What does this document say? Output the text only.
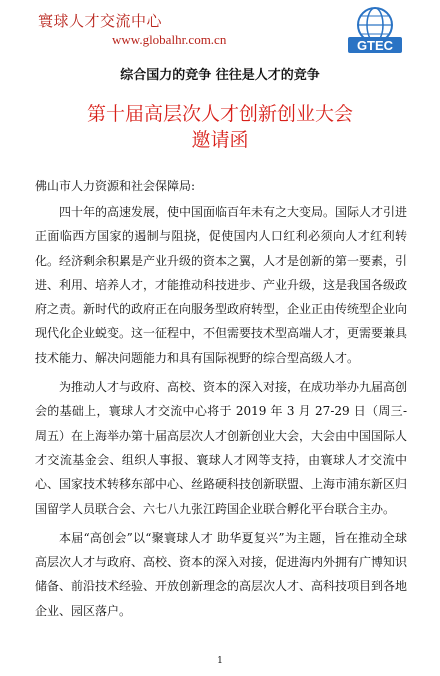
寰球人才交流中心
www.globalhr.com.cn	GTEC
综合国力的竞争 往往是人才的竞争
第十届高层次人才创新创业大会
邀请函
佛山市人力资源和社会保障局:

四十年的高速发展，使中国面临百年未有之大变局。国际人才引进正面临西方国家的遏制与阻挠，促使国内人口红利必须向人才红利转化。经济剩余积累是产业升级的资本之翼，人才是创新的第一要素，引进、利用、培养人才，才能推动科技进步、产业升级，这是我国各级政府之责。新时代的政府正在向服务型政府转型，企业正由传统型企业向现代化企业蜕变。这一征程中，不但需要技术型高端人才，更需要兼具技术能力、解决问题能力和具有国际视野的综合型高级人才。

为推动人才与政府、高校、资本的深入对接，在成功举办九届高创会的基础上，寰球人才交流中心将于 2019 年 3 月 27-29 日（周三-周五）在上海举办第十届高层次人才创新创业大会，大会由中国国际人才交流基金会、组织人事报、寰球人才网等支持，由寰球人才交流中心、国家技术转移东部中心、丝路硬科技创新联盟、上海市浦东新区归国留学人员联合会、六七八九张江跨国企业联合孵化平台联合主办。

本届“高创会”以“聚寰球人才 助华夏复兴”为主题，旨在推动全球高层次人才与政府、高校、资本的深入对接，促进海内外拥有广博知识储备、前沿技术经验、开放创新理念的高层次人才、高科技项目到各地企业、园区落户。

1
